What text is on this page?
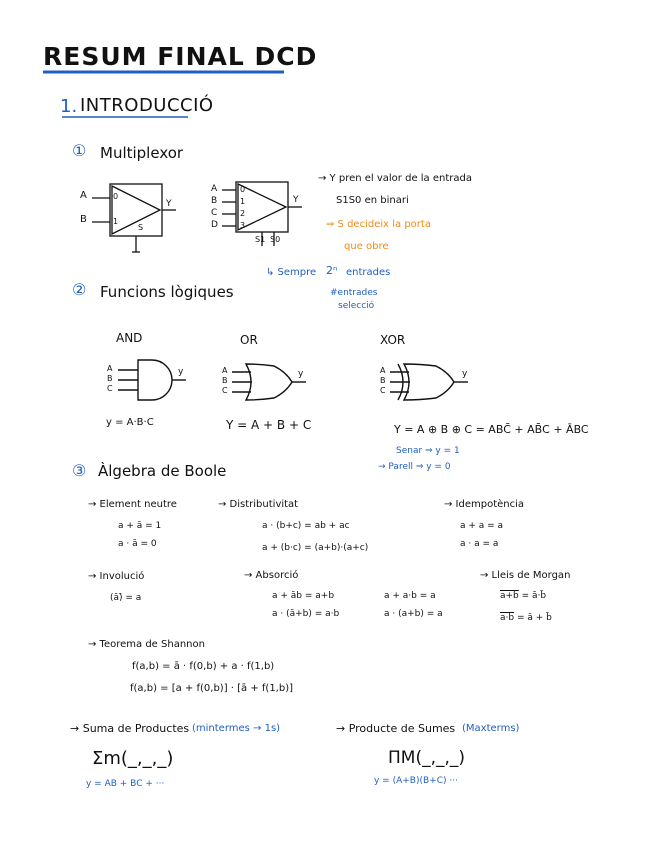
RESUM FINAL DCD
1. INTRODUCCIÓ
① Multiplexor
A
B
0
1
S
Y
A
B
C
D
0
1
2
3
S1 S0
Y
→ Y pren el valor de la entrada
S1S0 en binari
⇒ S decideix la porta
que obre
↳ Sempre 2ⁿ entrades
#entrades
selecció
② Funcions lògiques
AND	OR	XOR
A
B
C
y	A
B
C
y	A
B
C
y
y = A·B·C	Y = A + B + C	Y = A ⊕ B ⊕ C = ABC̄ + AB̄C + ĀBC
Senar ⇒ y = 1
→ Parell ⇒ y = 0
③ Àlgebra de Boole
→ Element neutre
a + ā = 1
a · ā = 0
→ Distributivitat
a · (b+c) = ab + ac
a + (b·c) = (a+b)·(a+c)
→ Idempotència
a + a = a
a · a = a
→ Involució
(ā)̄ = a
→ Absorció
a + āb = a+b
a · (ā+b) = a·b
a + a·b = a
a · (a+b) = a
→ Lleis de Morgan
a+b = ā·b̄
a·b = ā + b̄
→ Teorema de Shannon
f(a,b) = ā · f(0,b) + a · f(1,b)
f(a,b) = [a + f(0,b)] · [ā + f(1,b)]
→ Suma de Productes (mintermes → 1s)
Σm(_,_,_)
y = AB + BC + ···
→ Producte de Sumes (Maxterms)
ΠM(_,_,_)
y = (A+B)(B+C) ···
